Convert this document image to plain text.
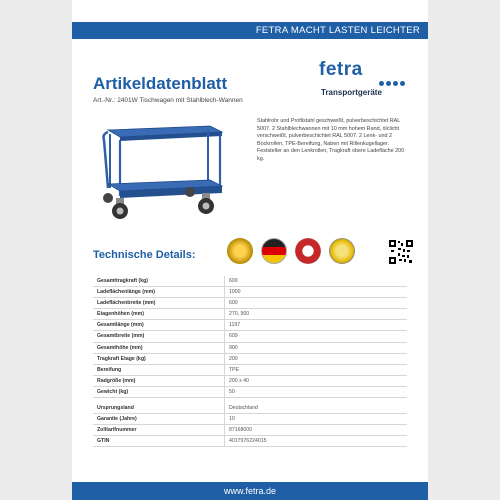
FETRA MACHT LASTEN LEICHTER
Artikeldatenblatt
Art.-Nr.: 2401W Tischwagen mit Stahlblech-Wannen
fetra
Transportgeräte
Stahlrohr und Profilstahl geschweißt, pulverbeschichtet RAL 5007. 2 Stahlblechwannen mit 10 mm hohem Rand, ölclicht verschweißt, pulverbeschichtet RAL 5007. 2 Lenk- und 2 Bockrollen, TPE-Bereifung, Naben mit Rillenkugellager. Feststeller an den Lenkrollen, Tragkraft obere Ladefläche 200 kg.
Technische Details:
Gesamttragkraft (kg)	600
Ladeflächenlänge (mm)	1000
Ladeflächenbreite (mm)	600
Etagenhöhen (mm)	270, 900
Gesamtlänge (mm)	1197
Gesamtbreite (mm)	609
Gesamthöhe (mm)	900
Tragkraft Etage (kg)	200
Bereifung	TPE
Radgröße (mm)	200 x 40
Gewicht (kg)	50
Ursprungsland	Deutschland
Garantie (Jahre)	10
Zolltarifnummer	87168000
GTIN	4017976224015
www.fetra.de
